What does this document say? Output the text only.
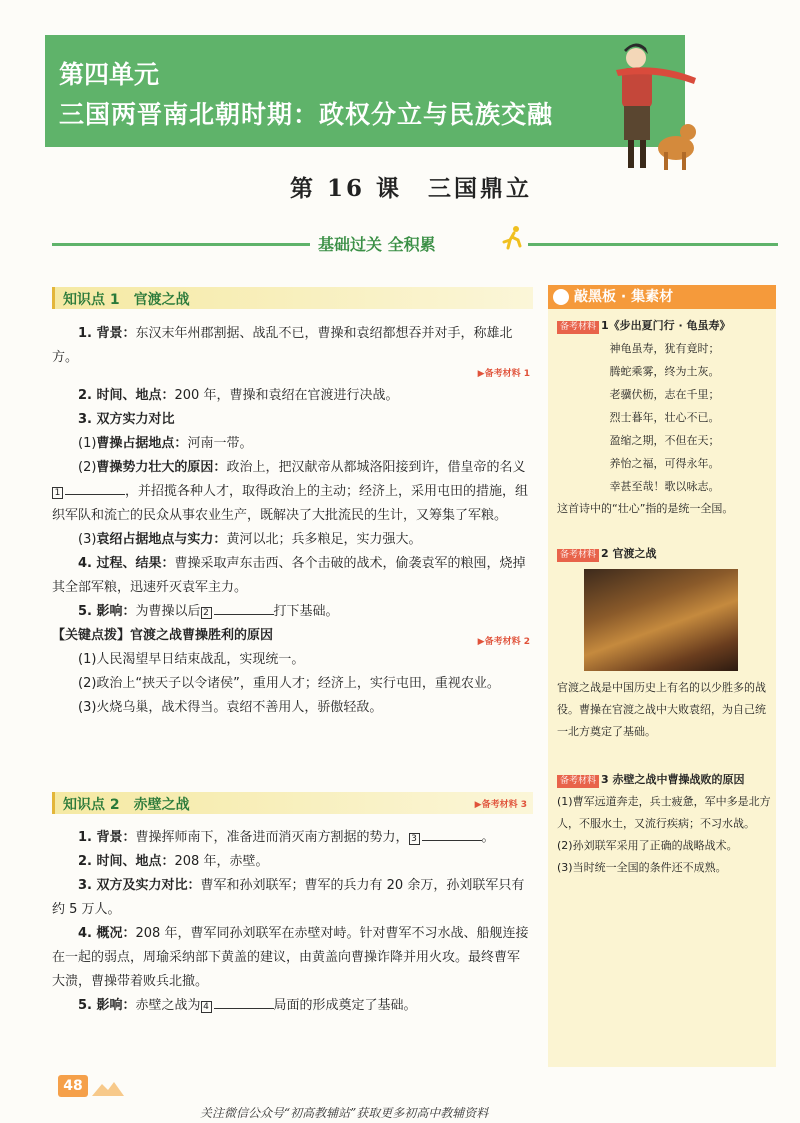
第四单元
三国两晋南北朝时期：政权分立与民族交融
第 16 课　三国鼎立
基础过关 全积累
知识点 1　官渡之战

1. 背景：东汉末年州郡割据、战乱不已，曹操和袁绍都想吞并对手，称雄北方。

▶备考材料 1

2. 时间、地点：200 年，曹操和袁绍在官渡进行决战。

3. 双方实力对比

(1)曹操占据地点：河南一带。

(2)曹操势力壮大的原因：政治上，把汉献帝从都城洛阳接到许，借皇帝的名义1	，并招揽各种人才，取得政治上的主动；经济上，采用屯田的措施，组织军队和流亡的民众从事农业生产，既解决了大批流民的生计，又筹集了军粮。

(3)袁绍占据地点与实力：黄河以北；兵多粮足，实力强大。

4. 过程、结果：曹操采取声东击西、各个击破的战术，偷袭袁军的粮囤，烧掉其全部军粮，迅速歼灭袁军主力。

5. 影响：为曹操以后 2	打下基础。

【关键点拨】官渡之战曹操胜利的原因	▶备考材料 2

(1)人民渴望早日结束战乱，实现统一。

(2)政治上“挟天子以令诸侯”，重用人才；经济上，实行屯田，重视农业。

(3)火烧乌巢，战术得当。袁绍不善用人，骄傲轻敌。

知识点 2　赤壁之战	▶备考材料 3

1. 背景：曹操挥师南下，准备进而消灭南方割据的势力， 3	。

2. 时间、地点：208 年，赤壁。

3. 双方及实力对比：曹军和孙刘联军；曹军的兵力有 20 余万，孙刘联军只有约 5 万人。

4. 概况：208 年，曹军同孙刘联军在赤壁对峙。针对曹军不习水战、船舰连接在一起的弱点，周瑜采纳部下黄盖的建议，由黄盖向曹操诈降并用火攻。最终曹军大溃，曹操带着败兵北撤。

5. 影响：赤壁之战为 4	局面的形成奠定了基础。

敲黑板 · 集素材
备考材料 1《步出夏门行 · 龟虽寿》

神龟虽寿，犹有竟时；

腾蛇乘雾，终为土灰。

老骥伏枥，志在千里；

烈士暮年，壮心不已。

盈缩之期，不但在天；

养怡之福，可得永年。

幸甚至哉！歌以咏志。

这首诗中的“壮心”指的是统一全国。
备考材料 2 官渡之战
官渡之战是中国历史上有名的以少胜多的战役。曹操在官渡之战中大败袁绍，为自己统一北方奠定了基础。
备考材料 3 赤壁之战中曹操战败的原因
(1)曹军远道奔走，兵士疲惫，军中多是北方人，不服水土，又流行疾病；不习水战。
(2)孙刘联军采用了正确的战略战术。
(3)当时统一全国的条件还不成熟。
48
关注微信公众号“初高教辅站”获取更多初高中教辅资料
